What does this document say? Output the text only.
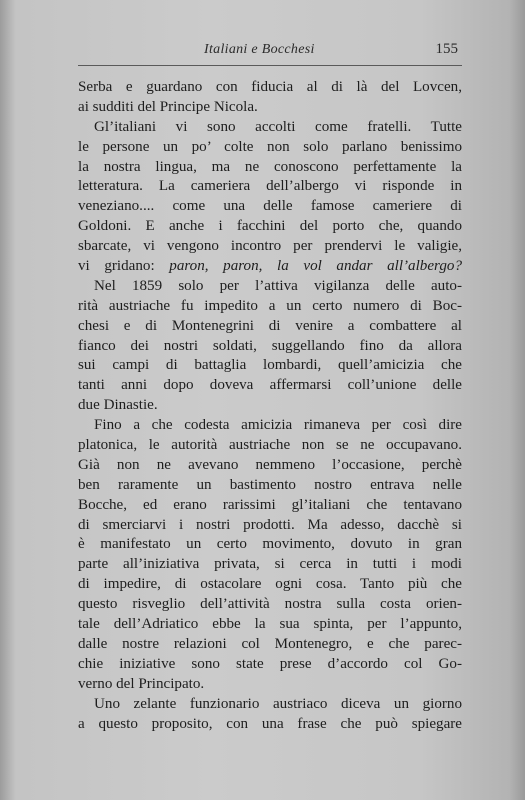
Italiani e Bocchesi	155
Serba e guardano con fiducia al di là del Lovcen,
ai sudditi del Principe Nicola.
Gl’italiani vi sono accolti come fratelli. Tutte
le persone un po’ colte non solo parlano benissimo
la nostra lingua, ma ne conoscono perfettamente la
letteratura. La cameriera dell’albergo vi risponde in
veneziano.... come una delle famose cameriere di
Goldoni. E anche i facchini del porto che, quando
sbarcate, vi vengono incontro per prendervi le valigie,
vi gridano: paron, paron, la vol andar all’albergo?
Nel 1859 solo per l’attiva vigilanza delle auto-
rità austriache fu impedito a un certo numero di Boc-
chesi e di Montenegrini di venire a combattere al
fianco dei nostri soldati, suggellando fino da allora
sui campi di battaglia lombardi, quell’amicizia che
tanti anni dopo doveva affermarsi coll’unione delle
due Dinastie.
Fino a che codesta amicizia rimaneva per così dire
platonica, le autorità austriache non se ne occupavano.
Già non ne avevano nemmeno l’occasione, perchè
ben raramente un bastimento nostro entrava nelle
Bocche, ed erano rarissimi gl’italiani che tentavano
di smerciarvi i nostri prodotti. Ma adesso, dacchè si
è manifestato un certo movimento, dovuto in gran
parte all’iniziativa privata, si cerca in tutti i modi
di impedire, di ostacolare ogni cosa. Tanto più che
questo risveglio dell’attività nostra sulla costa orien-
tale dell’Adriatico ebbe la sua spinta, per l’appunto,
dalle nostre relazioni col Montenegro, e che parec-
chie iniziative sono state prese d’accordo col Go-
verno del Principato.
Uno zelante funzionario austriaco diceva un giorno
a questo proposito, con una frase che può spiegare
